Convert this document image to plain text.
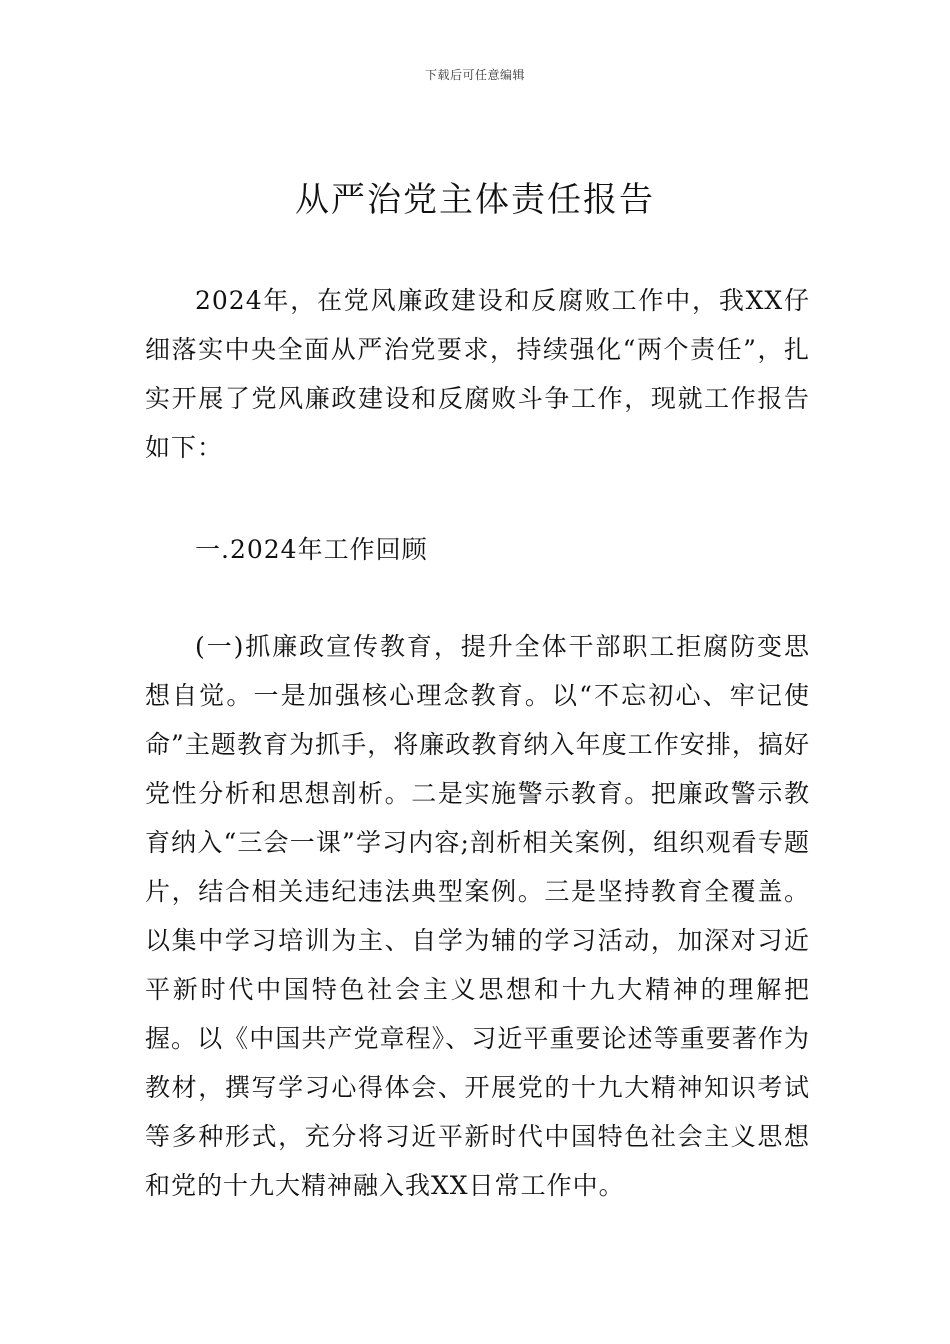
下载后可任意编辑
从严治党主体责任报告

2024年，在党风廉政建设和反腐败工作中，我XX仔细落实中央全面从严治党要求，持续强化“两个责任”，扎实开展了党风廉政建设和反腐败斗争工作，现就工作报告如下：

一.2024年工作回顾

(一)抓廉政宣传教育，提升全体干部职工拒腐防变思想自觉。一是加强核心理念教育。以“不忘初心、牢记使命”主题教育为抓手，将廉政教育纳入年度工作安排，搞好党性分析和思想剖析。二是实施警示教育。把廉政警示教育纳入“三会一课”学习内容;剖析相关案例，组织观看专题片，结合相关违纪违法典型案例。三是坚持教育全覆盖。以集中学习培训为主、自学为辅的学习活动，加深对习近平新时代中国特色社会主义思想和十九大精神的理解把握。以《中国共产党章程》、习近平重要论述等重要著作为教材，撰写学习心得体会、开展党的十九大精神知识考试等多种形式，充分将习近平新时代中国特色社会主义思想和党的十九大精神融入我XX日常工作中。
